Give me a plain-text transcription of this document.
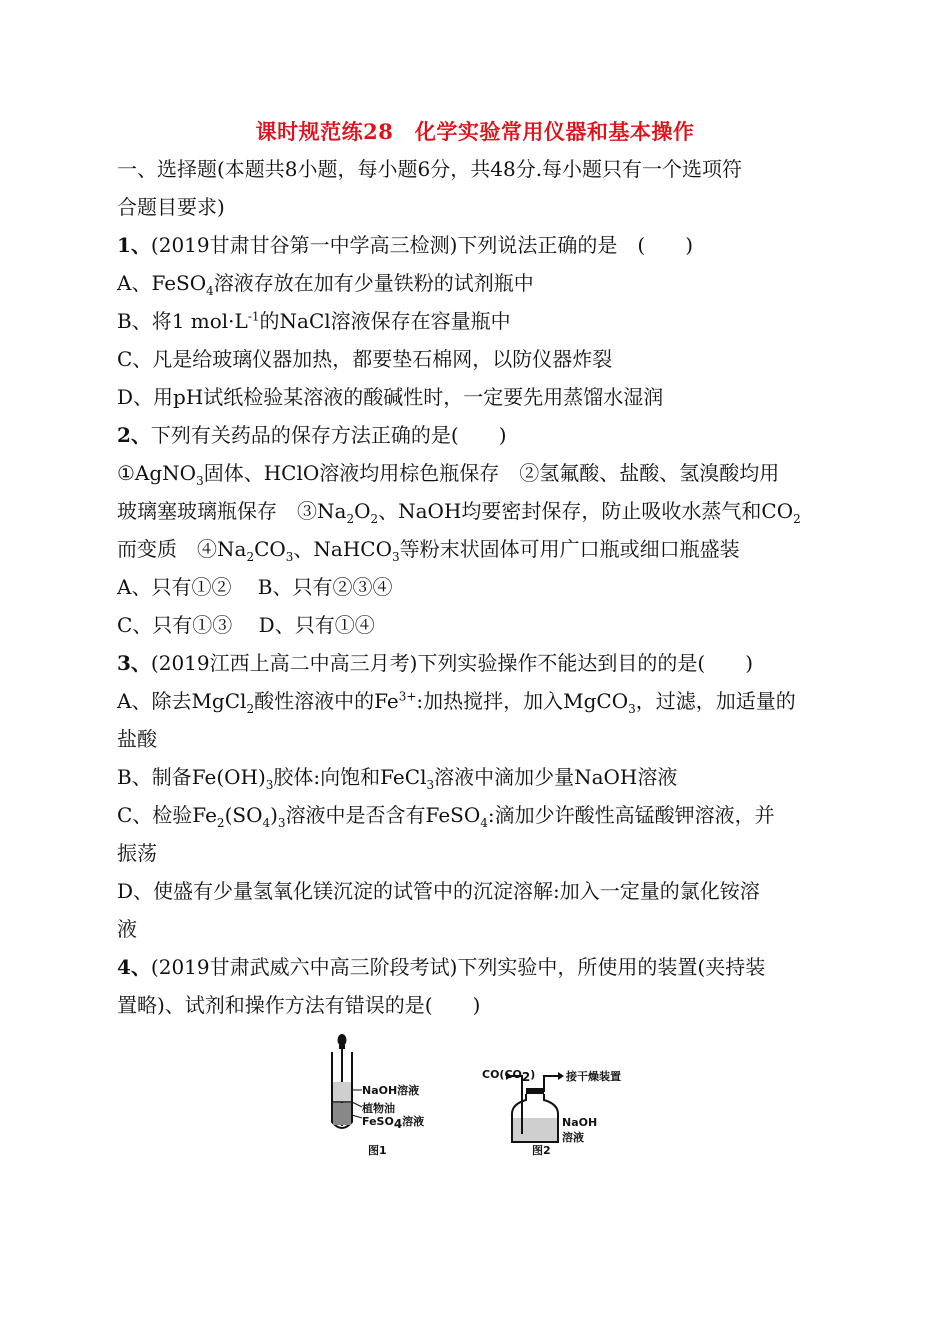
课时规范练28　化学实验常用仪器和基本操作
一、选择题(本题共8小题，每小题6分，共48分.每小题只有一个选项符
合题目要求)
1、(2019甘肃甘谷第一中学高三检测)下列说法正确的是　(　　)
A、FeSO$_4$溶液存放在加有少量铁粉的试剂瓶中
B、将1 $mol\cdot L^{-1}$的NaCl溶液保存在容量瓶中
C、凡是给玻璃仪器加热，都要垫石棉网，以防仪器炸裂
D、用pH试纸检验某溶液的酸碱性时，一定要先用蒸馏水湿润
2、下列有关药品的保存方法正确的是(　　)
①AgNO$_3$固体、HClO溶液均用棕色瓶保存　②氢氟酸、盐酸、氢溴酸均用
玻璃塞玻璃瓶保存　$③Na_2O_2$、NaOH均要密封保存，防止吸收水蒸气和$CO_2$
而变质　$④Na_2CO_3$、NaHCO$_3$等粉末状固体可用广口瓶或细口瓶盛装
A、只有①②　 B、只有②③④
C、只有①③　 D、只有①④
3、(2019江西上高二中高三月考)下列实验操作不能达到目的的是(　　)
A、除去MgCl$_2$酸性溶液中的$Fe^{3+}$:加热搅拌，加入MgCO$_3$，过滤，加适量的
盐酸
B、制备$Fe(OH)_3$胶体:向饱和FeCl$_3$溶液中滴加少量NaOH溶液
C、检验$Fe_2(SO_4)_3$溶液中是否含有FeSO$_4$:滴加少许酸性高锰酸钾溶液，并
振荡
D、使盛有少量氢氧化镁沉淀的试管中的沉淀溶解:加入一定量的氯化铵溶
液
4、(2019甘肃武威六中高三阶段考试)下列实验中，所使用的装置(夹持装
置略)、试剂和操作方法有错误的是(　　)
NaOH溶液
植物油
FeSO$_4$溶液
图1
$CO(CO_2)$	接干燥装置
NaOH
溶液
图2
